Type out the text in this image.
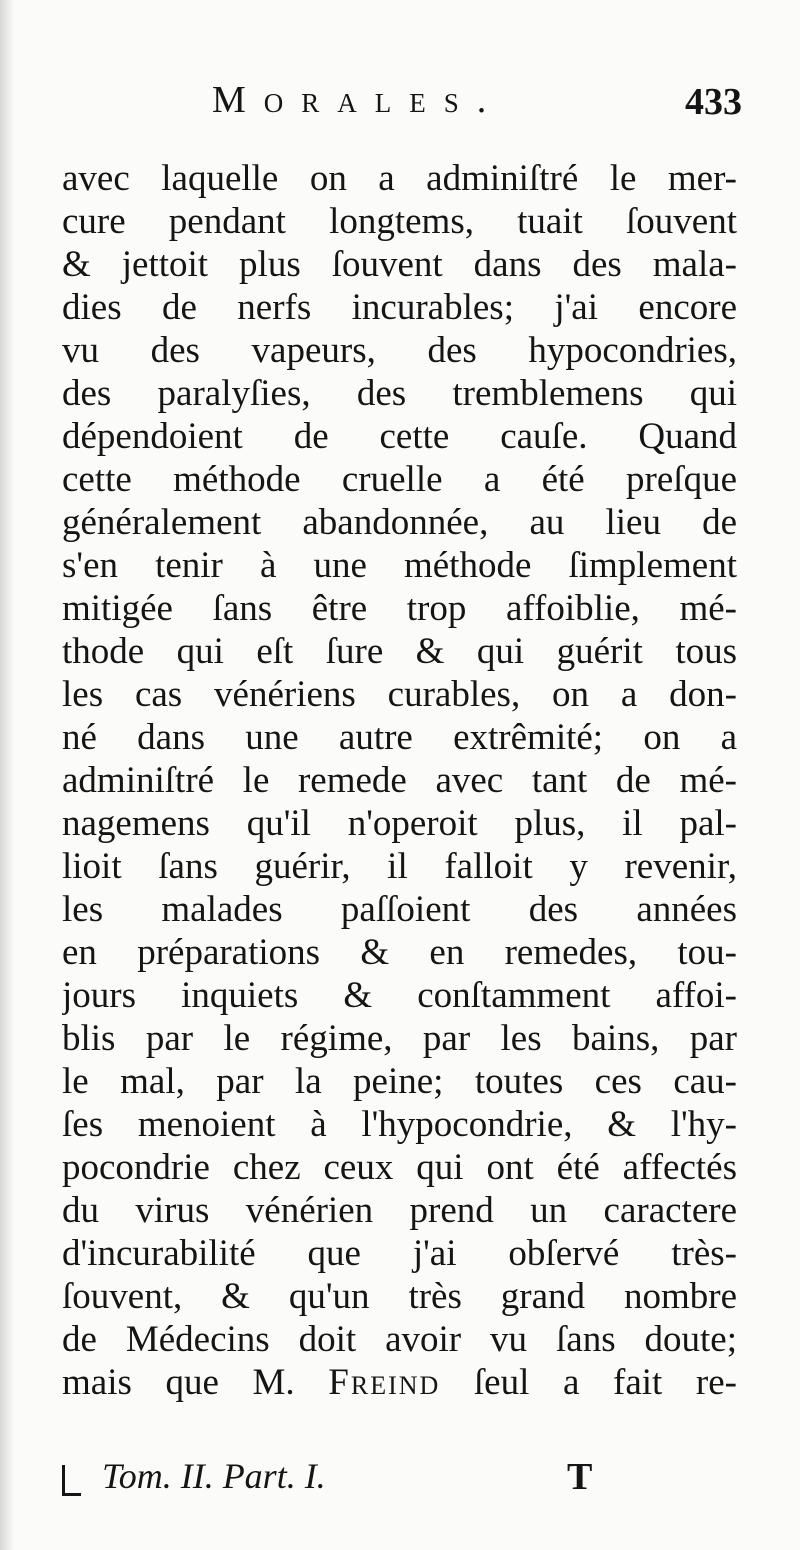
Morales.	433
avec laquelle on a adminiſtré le mer-
cure pendant longtems, tuait ſouvent
& jettoit plus ſouvent dans des mala-
dies de nerfs incurables; j'ai encore
vu des vapeurs, des hypocondries,
des paralyſies, des tremblemens qui
dépendoient de cette cauſe. Quand
cette méthode cruelle a été preſque
généralement abandonnée, au lieu de
s'en tenir à une méthode ſimplement
mitigée ſans être trop affoiblie, mé-
thode qui eſt ſure & qui guérit tous
les cas vénériens curables, on a don-
né dans une autre extrêmité; on a
adminiſtré le remede avec tant de mé-
nagemens qu'il n'operoit plus, il pal-
lioit ſans guérir, il falloit y revenir,
les malades paſſoient des années
en préparations & en remedes, tou-
jours inquiets & conſtamment affoi-
blis par le régime, par les bains, par
le mal, par la peine; toutes ces cau-
ſes menoient à l'hypocondrie, & l'hy-
pocondrie chez ceux qui ont été affectés
du virus vénérien prend un caractere
d'incurabilité que j'ai obſervé très-
ſouvent, & qu'un très grand nombre
de Médecins doit avoir vu ſans doute;
mais que M. Freind ſeul a fait re-
Tom. II. Part. I.	T
